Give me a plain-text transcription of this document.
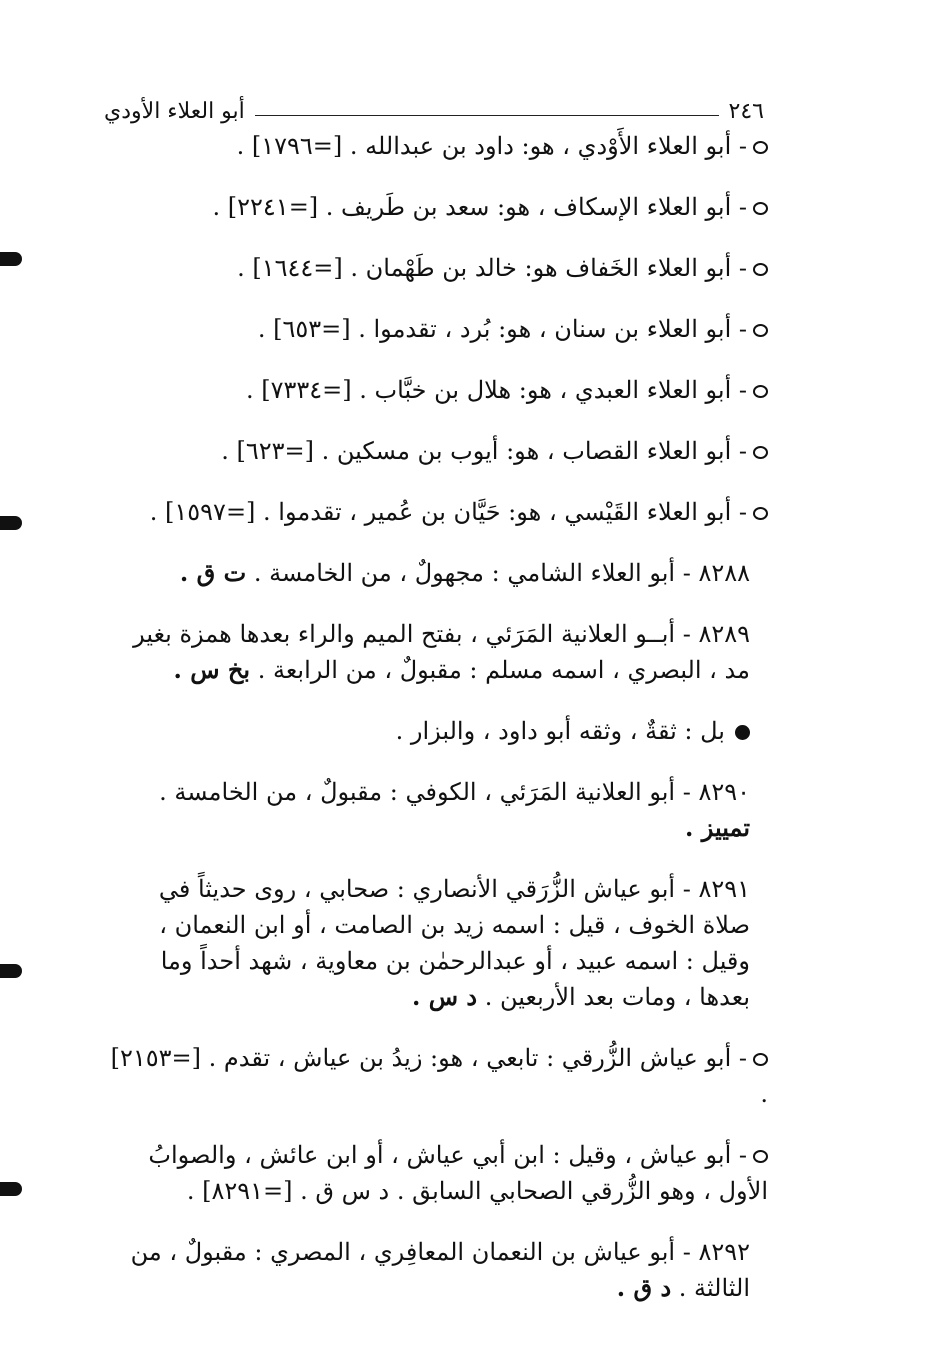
٢٤٦
أبو العلاء الأودي
- أبو العلاء الأَوْدي ، هو: داود بن عبدالله . [=١٧٩٦] .
- أبو العلاء الإسكاف ، هو: سعد بن طَريف . [=٢٢٤١] .
- أبو العلاء الخَفاف هو: خالد بن طَهْمان . [=١٦٤٤] .
- أبو العلاء بن سنان ، هو: بُرد ، تقدموا . [=٦٥٣] .
- أبو العلاء العبدي ، هو: هلال بن خبَّاب . [=٧٣٣٤] .
- أبو العلاء القصاب ، هو: أيوب بن مسكين . [=٦٢٣] .
- أبو العلاء القَيْسي ، هو: حَيَّان بن عُمير ، تقدموا . [=١٥٩٧] .
٨٢٨٨ - أبو العلاء الشامي : مجهولٌ ، من الخامسة . ت ق .
٨٢٨٩ - أبــو العلانية المَرَئي ، بفتح الميم والراء بعدها همزة بغير مد ، البصري ، اسمه مسلم : مقبولٌ ، من الرابعة . بخ س .
بل : ثقةٌ ، وثقه أبو داود ، والبزار .
٨٢٩٠ - أبو العلانية المَرَئي ، الكوفي : مقبولٌ ، من الخامسة . تمييز .
٨٢٩١ - أبو عياش الزُّرَقي الأنصاري : صحابي ، روى حديثاً في صلاة الخوف ، قيل : اسمه زيد بن الصامت ، أو ابن النعمان ، وقيل : اسمه عبيد ، أو عبدالرحمٰن بن معاوية ، شهد أحداً وما بعدها ، ومات بعد الأربعين . د س .
- أبو عياش الزُّرقي : تابعي ، هو: زيدُ بن عياش ، تقدم . [=٢١٥٣] .
- أبو عياش ، وقيل : ابن أبي عياش ، أو ابن عائش ، والصوابُ الأول ، وهو الزُّرقي الصحابي السابق . د س ق . [=٨٢٩١] .
٨٢٩٢ - أبو عياش بن النعمان المعافِري ، المصري : مقبولٌ ، من الثالثة . د ق .
